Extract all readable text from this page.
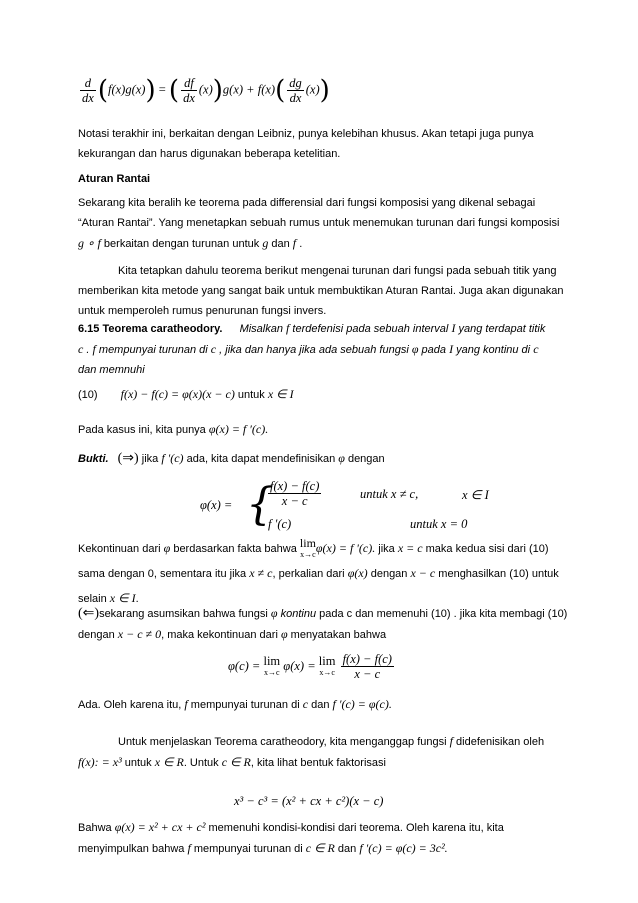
$\frac{d}{dx} (f(x)g(x))$ = ( $\frac{df}{dx} (x))g(x) + f(x)( \frac{dg}{dx} (x))$

Notasi terakhir ini, berkaitan dengan Leibniz, punya kelebihan khusus. Akan tetapi juga punya kekurangan dan harus digunakan beberapa ketelitian.

Aturan Rantai

Sekarang kita beralih ke teorema pada differensial dari fungsi komposisi yang dikenal sebagai “Aturan Rantai”. Yang menetapkan sebuah rumus untuk menemukan turunan dari fungsi komposisi
g ∘ f berkaitan dengan turunan untuk g dan f .

Kita tetapkan dahulu teorema berikut mengenai turunan dari fungsi pada sebuah titik yang memberikan kita metode yang sangat baik untuk membuktikan Aturan Rantai. Juga akan digunakan untuk memperoleh rumus penurunan fungsi invers.

6.15 Teorema caratheodory. Misalkan f terdefenisi pada sebuah interval I yang terdapat titik
c . f mempunyai turunan di c , jika dan hanya jika ada sebuah fungsi φ pada I yang kontinu di c
dan memnuhi

(10) f(x) − f(c) = φ(x)(x − c) untuk x ∈ I

Pada kasus ini, kita punya φ(x) = f ′(c).

Bukti. (⇒) jika f '(c) ada, kita dapat mendefinisikan φ dengan

φ(x) = {
$\frac{f(x) - f(c)}{x - c}$	untuk x ≠ c,	x ∈ I
f ′(c)	untuk x = 0

Kekontinuan dari φ berdasarkan fakta bahwa lim
x→c φ(x) = f '(c). jika x = c maka kedua sisi dari (10)
sama dengan 0, sementara itu jika x ≠ c, perkalian dari φ(x) dengan x − c menghasilkan (10) untuk
selain x ∈ I.

(⇐)sekarang asumsikan bahwa fungsi φ kontinu pada c dan memenuhi (10) . jika kita membagi (10)
dengan x − c ≠ 0, maka kekontinuan dari φ menyatakan bahwa

φ(c) = lim
x→c φ(x) = lim
x→c
$\frac{f(x) - f(c)}{x - c}$

Ada. Oleh karena itu, f mempunyai turunan di c dan f ′(c) = φ(c).

Untuk menjelaskan Teorema caratheodory, kita menganggap fungsi f didefenisikan oleh
f(x): = x³ untuk x ∈ R. Untuk c ∈ R, kita lihat bentuk faktorisasi

x³ − c³ = (x² + cx + c²)(x − c)

Bahwa φ(x) = x² + cx + c² memenuhi kondisi-kondisi dari teorema. Oleh karena itu, kita
menyimpulkan bahwa f mempunyai turunan di c ∈ R dan f ′(c) = φ(c) = 3c².
